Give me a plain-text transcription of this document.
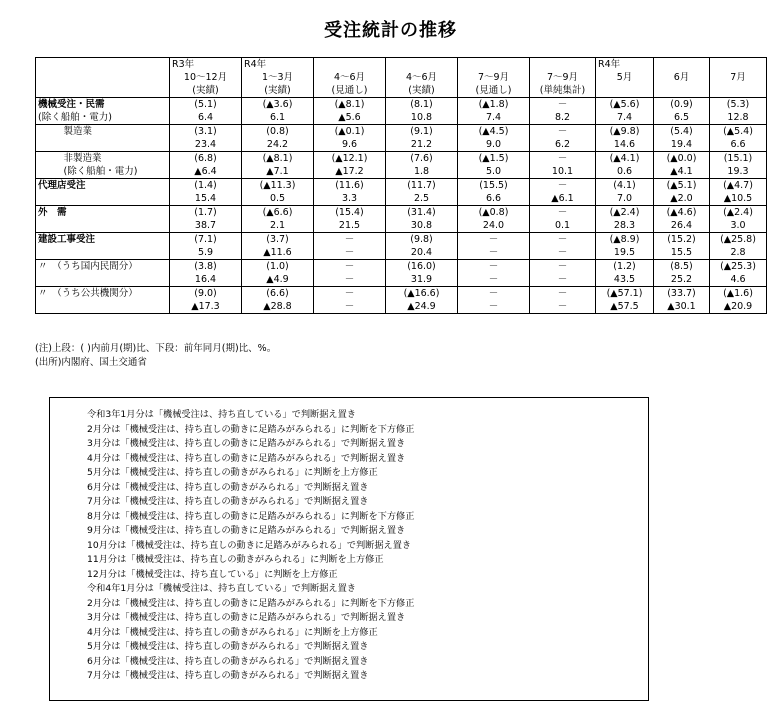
受注統計の推移
		R3年	R4年					R4年		
		10～12月	1～3月	4～6月	4～6月	7～9月	7～9月	5月	6月	7月
		(実績)	(実績)	(見通し)	(実績)	(見通し)	(単純集計)			
機械受注・民需		(5.1)	(▲3.6)	(▲8.1)	(8.1)	(▲1.8)	－	(▲5.6)	(0.9)	(5.3)
(除く船舶・電力)		6.4	6.1	▲5.6	10.8	7.4	8.2	7.4	6.5	12.8
	製造業	(3.1)	(0.8)	(▲0.1)	(9.1)	(▲4.5)	－	(▲9.8)	(5.4)	(▲5.4)
		23.4	24.2	9.6	21.2	9.0	6.2	14.6	19.4	6.6
	非製造業	(6.8)	(▲8.1)	(▲12.1)	(7.6)	(▲1.5)	－	(▲4.1)	(▲0.0)	(15.1)
	(除く船舶・電力)	▲6.4	▲7.1	▲17.2	1.8	5.0	10.1	0.6	▲4.1	19.3
代理店受注		(1.4)	(▲11.3)	(11.6)	(11.7)	(15.5)	－	(4.1)	(▲5.1)	(▲4.7)
		15.4	0.5	3.3	2.5	6.6	▲6.1	7.0	▲2.0	▲10.5
外　需		(1.7)	(▲6.6)	(15.4)	(31.4)	(▲0.8)	－	(▲2.4)	(▲4.6)	(▲2.4)
		38.7	2.1	21.5	30.8	24.0	0.1	28.3	26.4	3.0
建設工事受注		(7.1)	(3.7)	－	(9.8)	－	－	(▲8.9)	(15.2)	(▲25.8)
		5.9	▲11.6	－	20.4	－	－	19.5	15.5	2.8
〃　（うち国内民間分）		(3.8)	(1.0)	－	(16.0)	－	－	(1.2)	(8.5)	(▲25.3)
		16.4	▲4.9	－	31.9	－	－	43.5	25.2	4.6
〃　（うち公共機関分）		(9.0)	(6.6)	－	(▲16.6)	－	－	(▲57.1)	(33.7)	(▲1.6)
		▲17.3	▲28.8	－	▲24.9	－	－	▲57.5	▲30.1	▲20.9
(注)上段：( )内前月(期)比、下段：前年同月(期)比、%。
(出所)内閣府、国土交通省
令和3年1月分は「機械受注は、持ち直している」で判断据え置き
2月分は「機械受注は、持ち直しの動きに足踏みがみられる」に判断を下方修正
3月分は「機械受注は、持ち直しの動きに足踏みがみられる」で判断据え置き
4月分は「機械受注は、持ち直しの動きに足踏みがみられる」で判断据え置き
5月分は「機械受注は、持ち直しの動きがみられる」に判断を上方修正
6月分は「機械受注は、持ち直しの動きがみられる」で判断据え置き
7月分は「機械受注は、持ち直しの動きがみられる」で判断据え置き
8月分は「機械受注は、持ち直しの動きに足踏みがみられる」に判断を下方修正
9月分は「機械受注は、持ち直しの動きに足踏みがみられる」で判断据え置き
10月分は「機械受注は、持ち直しの動きに足踏みがみられる」で判断据え置き
11月分は「機械受注は、持ち直しの動きがみられる」に判断を上方修正
12月分は「機械受注は、持ち直している」に判断を上方修正
令和4年1月分は「機械受注は、持ち直している」で判断据え置き
2月分は「機械受注は、持ち直しの動きに足踏みがみられる」に判断を下方修正
3月分は「機械受注は、持ち直しの動きに足踏みがみられる」で判断据え置き
4月分は「機械受注は、持ち直しの動きがみられる」に判断を上方修正
5月分は「機械受注は、持ち直しの動きがみられる」で判断据え置き
6月分は「機械受注は、持ち直しの動きがみられる」で判断据え置き
7月分は「機械受注は、持ち直しの動きがみられる」で判断据え置き
